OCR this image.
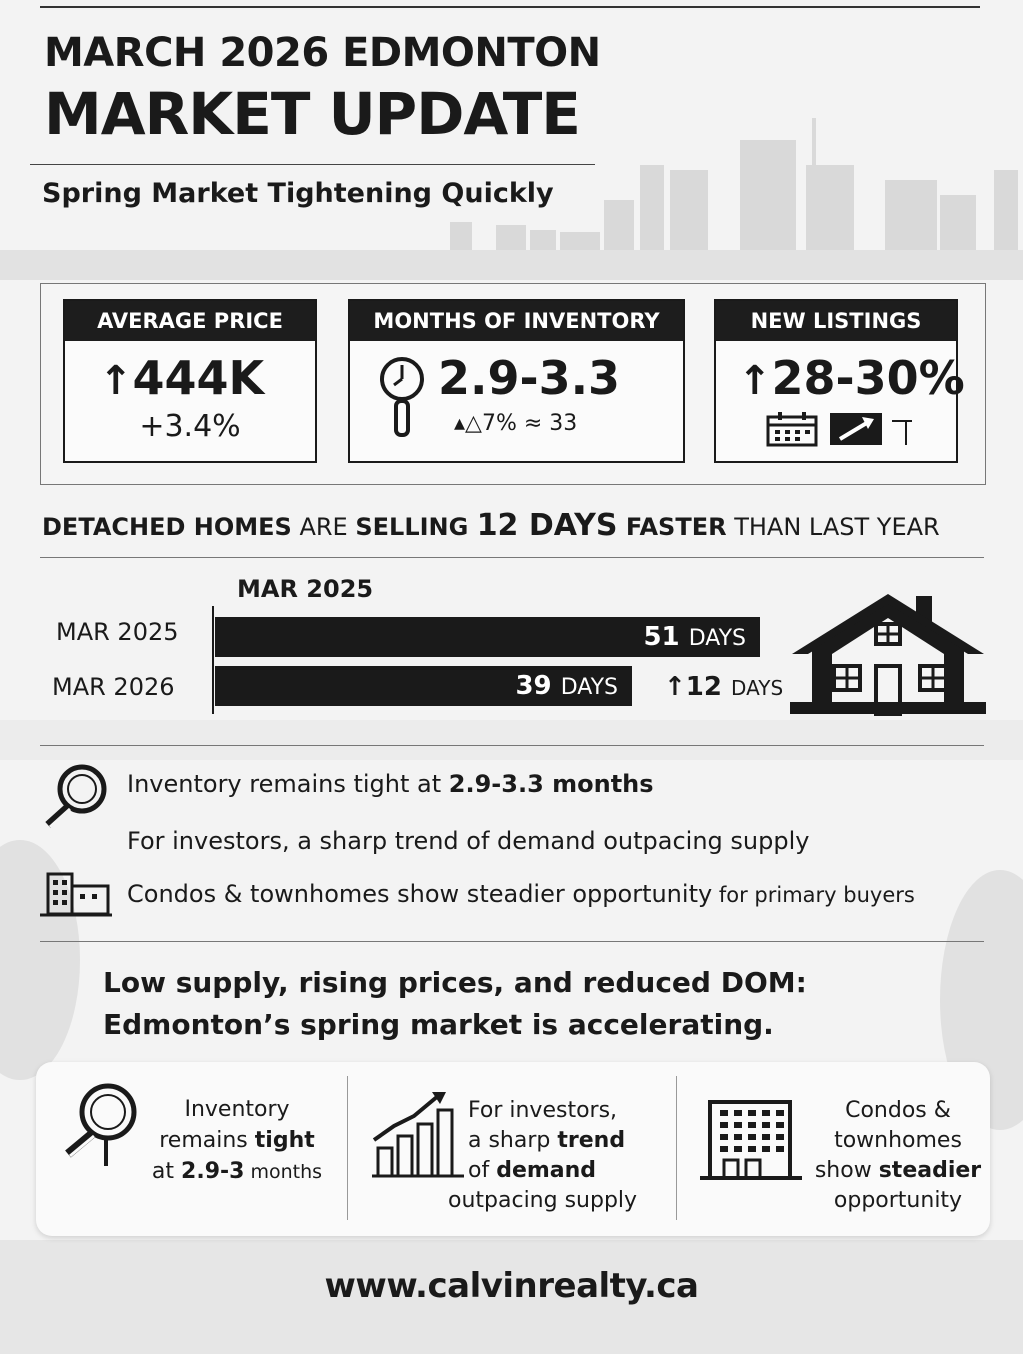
MARCH 2026 EDMONTON
MARKET UPDATE
Spring Market Tightening Quickly
AVERAGE PRICE
↑444K
+3.4%
MONTHS OF INVENTORY
2.9-3.3
▴△7% ≈ 33
NEW LISTINGS
↑28-30%
DETACHED HOMES ARE SELLING 12 DAYS FASTER THAN LAST YEAR
MAR 2025
MAR 2025
MAR 2026
51 DAYS
39 DAYS	↑12 DAYS
Inventory remains tight at 2.9-3.3 months
For investors, a sharp trend of demand outpacing supply
Condos & townhomes show steadier opportunity for primary buyers
Low supply, rising prices, and reduced DOM:
Edmonton’s spring market is accelerating.
Inventory
remains tight
at 2.9-3 months
For investors,
a sharp trend
of demand
outpacing supply
Condos &
townhomes
show steadier
opportunity
www.calvinrealty.ca
